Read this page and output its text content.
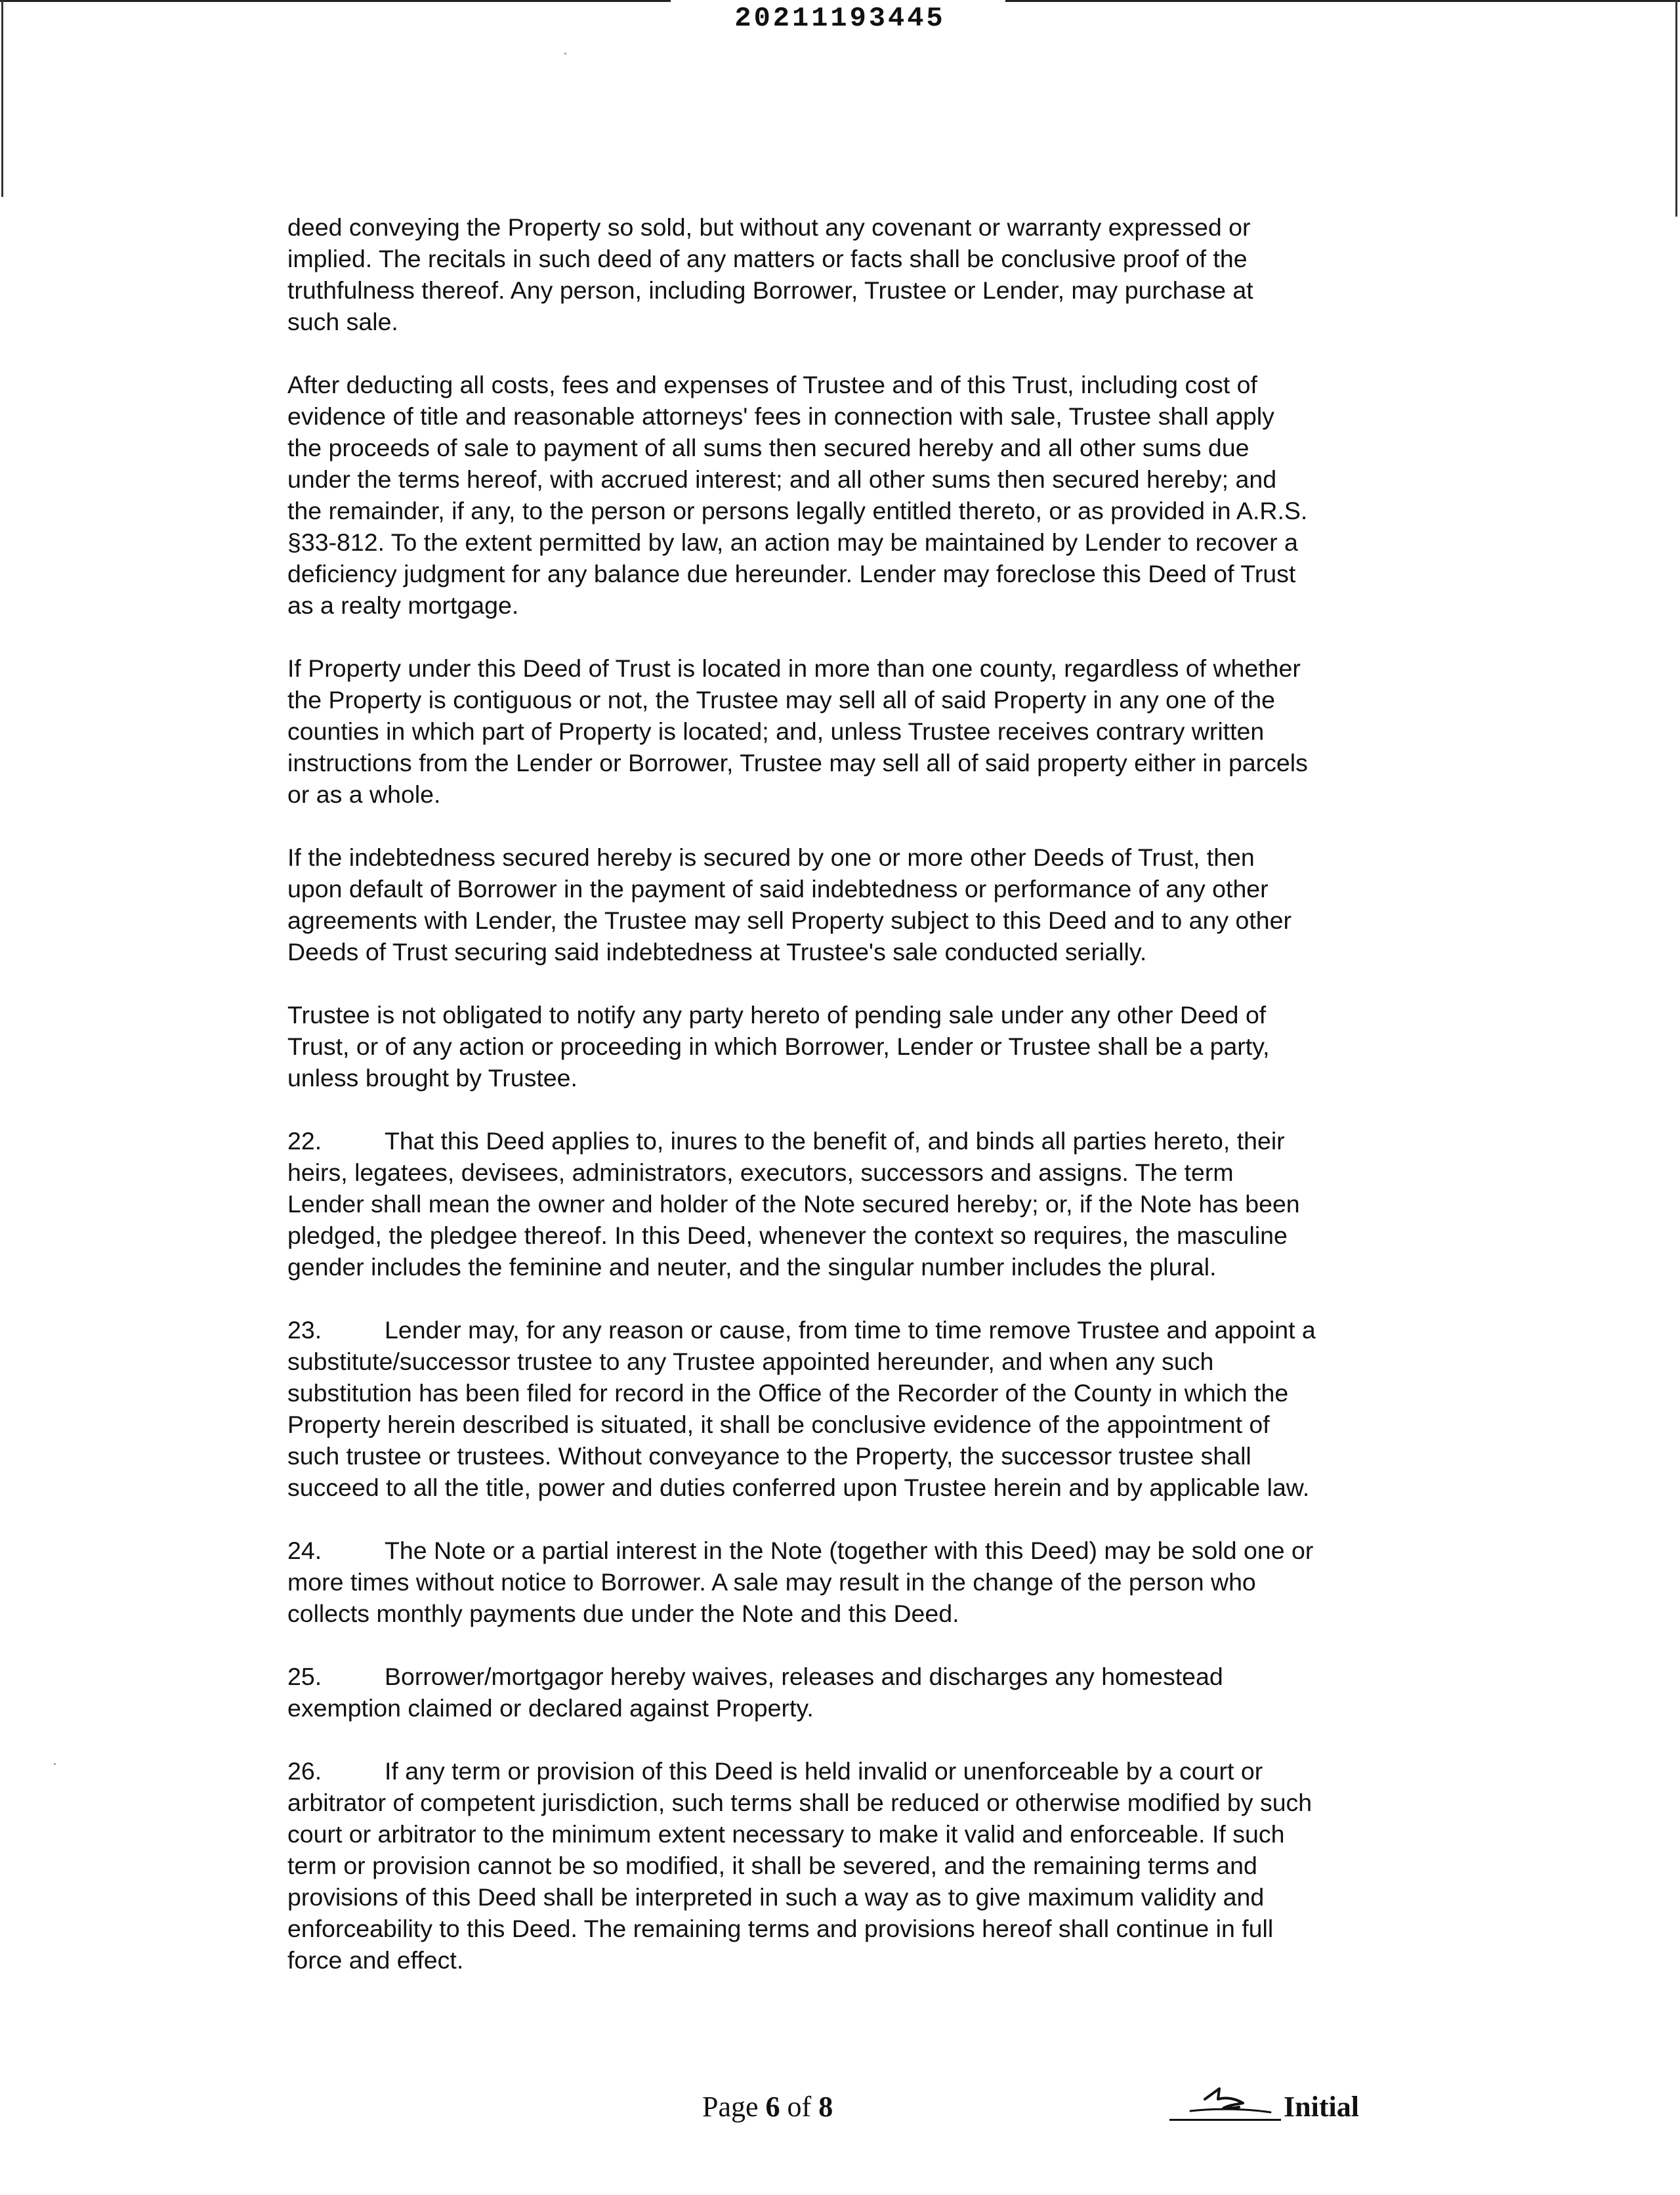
20211193445

deed conveying the Property so sold, but without any covenant or warranty expressed or
implied. The recitals in such deed of any matters or facts shall be conclusive proof of the
truthfulness thereof. Any person, including Borrower, Trustee or Lender, may purchase at
such sale.

After deducting all costs, fees and expenses of Trustee and of this Trust, including cost of
evidence of title and reasonable attorneys' fees in connection with sale, Trustee shall apply
the proceeds of sale to payment of all sums then secured hereby and all other sums due
under the terms hereof, with accrued interest; and all other sums then secured hereby; and
the remainder, if any, to the person or persons legally entitled thereto, or as provided in A.R.S.
§33-812. To the extent permitted by law, an action may be maintained by Lender to recover a
deficiency judgment for any balance due hereunder. Lender may foreclose this Deed of Trust
as a realty mortgage.

If Property under this Deed of Trust is located in more than one county, regardless of whether
the Property is contiguous or not, the Trustee may sell all of said Property in any one of the
counties in which part of Property is located; and, unless Trustee receives contrary written
instructions from the Lender or Borrower, Trustee may sell all of said property either in parcels
or as a whole.

If the indebtedness secured hereby is secured by one or more other Deeds of Trust, then
upon default of Borrower in the payment of said indebtedness or performance of any other
agreements with Lender, the Trustee may sell Property subject to this Deed and to any other
Deeds of Trust securing said indebtedness at Trustee's sale conducted serially.

Trustee is not obligated to notify any party hereto of pending sale under any other Deed of
Trust, or of any action or proceeding in which Borrower, Lender or Trustee shall be a party,
unless brought by Trustee.

22.	That this Deed applies to, inures to the benefit of, and binds all parties hereto, their
heirs, legatees, devisees, administrators, executors, successors and assigns. The term
Lender shall mean the owner and holder of the Note secured hereby; or, if the Note has been
pledged, the pledgee thereof. In this Deed, whenever the context so requires, the masculine
gender includes the feminine and neuter, and the singular number includes the plural.

23.	Lender may, for any reason or cause, from time to time remove Trustee and appoint a
substitute/successor trustee to any Trustee appointed hereunder, and when any such
substitution has been filed for record in the Office of the Recorder of the County in which the
Property herein described is situated, it shall be conclusive evidence of the appointment of
such trustee or trustees. Without conveyance to the Property, the successor trustee shall
succeed to all the title, power and duties conferred upon Trustee herein and by applicable law.

24.	The Note or a partial interest in the Note (together with this Deed) may be sold one or
more times without notice to Borrower. A sale may result in the change of the person who
collects monthly payments due under the Note and this Deed.

25.	Borrower/mortgagor hereby waives, releases and discharges any homestead
exemption claimed or declared against Property.

26.	If any term or provision of this Deed is held invalid or unenforceable by a court or
arbitrator of competent jurisdiction, such terms shall be reduced or otherwise modified by such
court or arbitrator to the minimum extent necessary to make it valid and enforceable. If such
term or provision cannot be so modified, it shall be severed, and the remaining terms and
provisions of this Deed shall be interpreted in such a way as to give maximum validity and
enforceability to this Deed. The remaining terms and provisions hereof shall continue in full
force and effect.

Page 6 of 8	Initial
